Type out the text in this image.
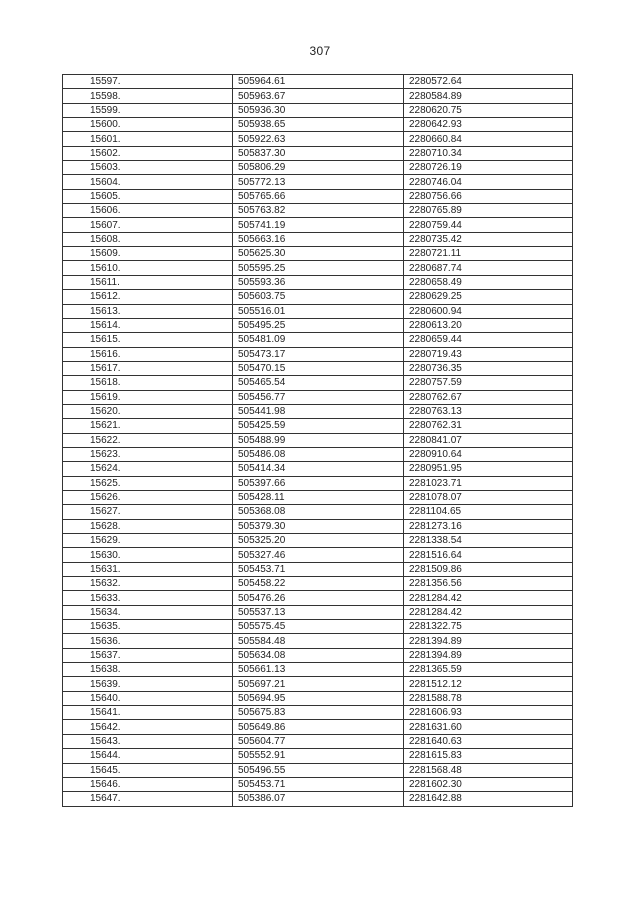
307
15597.	505964.61	2280572.64
15598.	505963.67	2280584.89
15599.	505936.30	2280620.75
15600.	505938.65	2280642.93
15601.	505922.63	2280660.84
15602.	505837.30	2280710.34
15603.	505806.29	2280726.19
15604.	505772.13	2280746.04
15605.	505765.66	2280756.66
15606.	505763.82	2280765.89
15607.	505741.19	2280759.44
15608.	505663.16	2280735.42
15609.	505625.30	2280721.11
15610.	505595.25	2280687.74
15611.	505593.36	2280658.49
15612.	505603.75	2280629.25
15613.	505516.01	2280600.94
15614.	505495.25	2280613.20
15615.	505481.09	2280659.44
15616.	505473.17	2280719.43
15617.	505470.15	2280736.35
15618.	505465.54	2280757.59
15619.	505456.77	2280762.67
15620.	505441.98	2280763.13
15621.	505425.59	2280762.31
15622.	505488.99	2280841.07
15623.	505486.08	2280910.64
15624.	505414.34	2280951.95
15625.	505397.66	2281023.71
15626.	505428.11	2281078.07
15627.	505368.08	2281104.65
15628.	505379.30	2281273.16
15629.	505325.20	2281338.54
15630.	505327.46	2281516.64
15631.	505453.71	2281509.86
15632.	505458.22	2281356.56
15633.	505476.26	2281284.42
15634.	505537.13	2281284.42
15635.	505575.45	2281322.75
15636.	505584.48	2281394.89
15637.	505634.08	2281394.89
15638.	505661.13	2281365.59
15639.	505697.21	2281512.12
15640.	505694.95	2281588.78
15641.	505675.83	2281606.93
15642.	505649.86	2281631.60
15643.	505604.77	2281640.63
15644.	505552.91	2281615.83
15645.	505496.55	2281568.48
15646.	505453.71	2281602.30
15647.	505386.07	2281642.88
